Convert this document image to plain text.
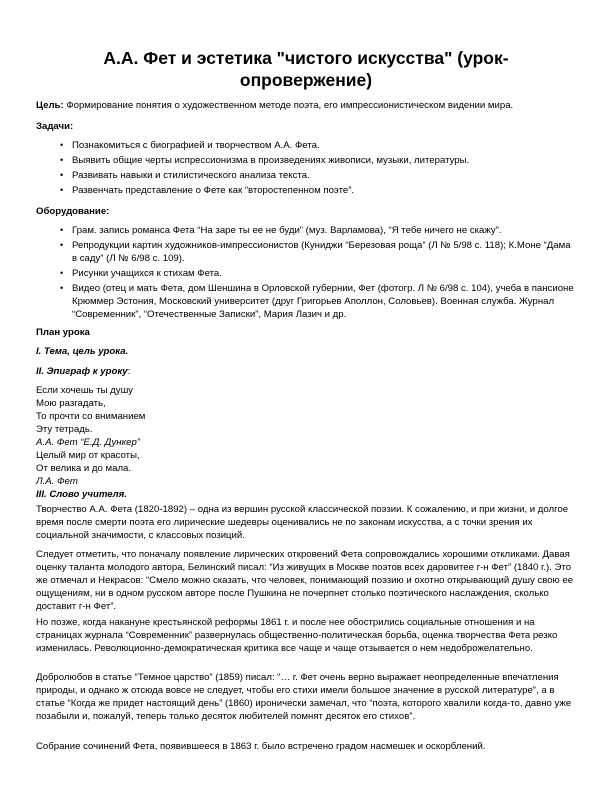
А.А. Фет и эстетика "чистого искусства" (урок-опровержение)

Цель: Формирование понятия о художественном методе поэта, его импрессионистическом видении мира.

Задачи:

• Познакомиться с биографией и творчеством А.А. Фета.
• Выявить общие черты испрессионизма в произведениях живописи, музыки, литературы.
• Развивать навыки и стилистического анализа текста.
• Развенчать представление о Фете как “второстепенном поэте”.

Оборудование:

• Грам. запись романса Фета “На заре ты ее не буди” (муз. Варламова), “Я тебе ничего не скажу”.
• Репродукции картин художников-импрессионистов (Куниджи “Березовая роща” (Л № 5/98 с. 118); К.Моне “Дама в саду” (Л № 6/98 с. 109).
• Рисунки учащихся к стихам Фета.
• Видео (отец и мать Фета, дом Шеншина в Орловской губернии, Фет (фотогр. Л № 6/98 с. 104), учеба в пансионе Крюммер Эстония, Московский университет (друг Григорьев Аполлон, Соловьев). Военная служба. Журнал “Современник”, “Отечественные Записки”, Мария Лазич и др.

План урока

I. Тема, цель урока.

II. Эпиграф к уроку:

Если хочешь ты душу
Мою разгадать,
То прочти со вниманием
Эту тетрадь.
А.А. Фет “Е.Д. Дункер”
Целый мир от красоты,
От велика и до мала.
Л.А. Фет
III. Слово учителя.

Творчество А.А. Фета (1820-1892) – одна из вершин русской классической поэзии. К сожалению, и при жизни, и долгое время после смерти поэта его лирические шедевры оценивались не по законам искусства, а с точки зрения их социальной значимости, с классовых позиций.

Следует отметить, что поначалу появление лирических откровений Фета сопровождались хорошими откликами. Давая оценку таланта молодого автора, Белинский писал: “Из живущих в Москве поэтов всех даровитее г-н Фет” (1840 г.). Это же отмечал и Некрасов: “Смело можно сказать, что человек, понимающий поэзию и охотно открывающий душу свою ее ощущениям, ни в одном русском авторе после Пушкина не почерпнет столько поэтического наслаждения, сколько доставит г-н Фет”.

Но позже, когда накануне крестьянской реформы 1861 г. и после нее обострились социальные отношения и на страницах журнала “Современник” развернулась общественно-политическая борьба, оценка творчества Фета резко изменилась. Революционно-демократическая критика все чаще и чаще отзывается о нем недоброжелательно.

Добролюбов в статье “Темное царство” (1859) писал: “… г. Фет очень верно выражает неопределенные впечатления природы, и однако ж отсюда вовсе не следует, чтобы его стихи имели большое значение в русской литературе”, а в статье “Когда же придет настоящий день” (1860) иронически замечал, что “поэта, которого хвалили когда-то, давно уже позабыли и, пожалуй, теперь только десяток любителей помнят десяток его стихов”.

Собрание сочинений Фета, появившееся в 1863 г. было встречено градом насмешек и оскорблений.
